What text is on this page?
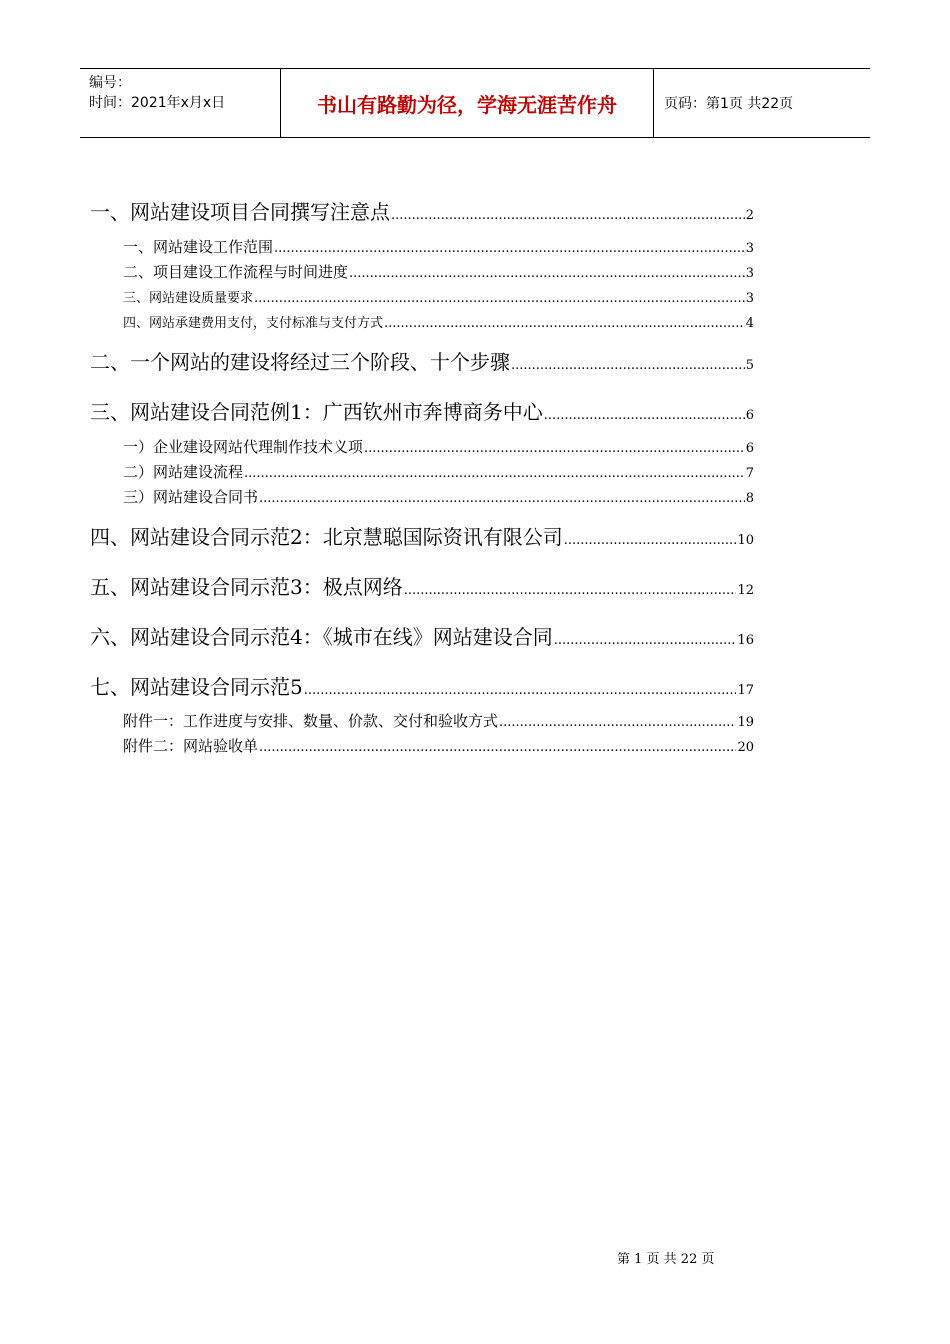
编号：
时间：2021年x月x日	书山有路勤为径，学海无涯苦作舟	页码：第1页 共22页
一、网站建设项目合同撰写注意点 .....	2
一、网站建设工作范围 .....	3
二、项目建设工作流程与时间进度 .....	3
三、网站建设质量要求 .....	3
四、网站承建费用支付，支付标准与支付方式 .....	4
二、一个网站的建设将经过三个阶段、十个步骤 .....	5
三、网站建设合同范例1：广西钦州市奔博商务中心 .....	6
一）企业建设网站代理制作技术义项 .....	6
二）网站建设流程 .....	7
三）网站建设合同书 .....	8
四、网站建设合同示范2：北京慧聪国际资讯有限公司 .....	10
五、网站建设合同示范3：极点网络 .....	12
六、网站建设合同示范4：《城市在线》网站建设合同 .....	16
七、网站建设合同示范5 .....	17
附件一：工作进度与安排、数量、价款、交付和验收方式 .....	19
附件二：网站验收单 .....	20
第 1 页 共 22 页
